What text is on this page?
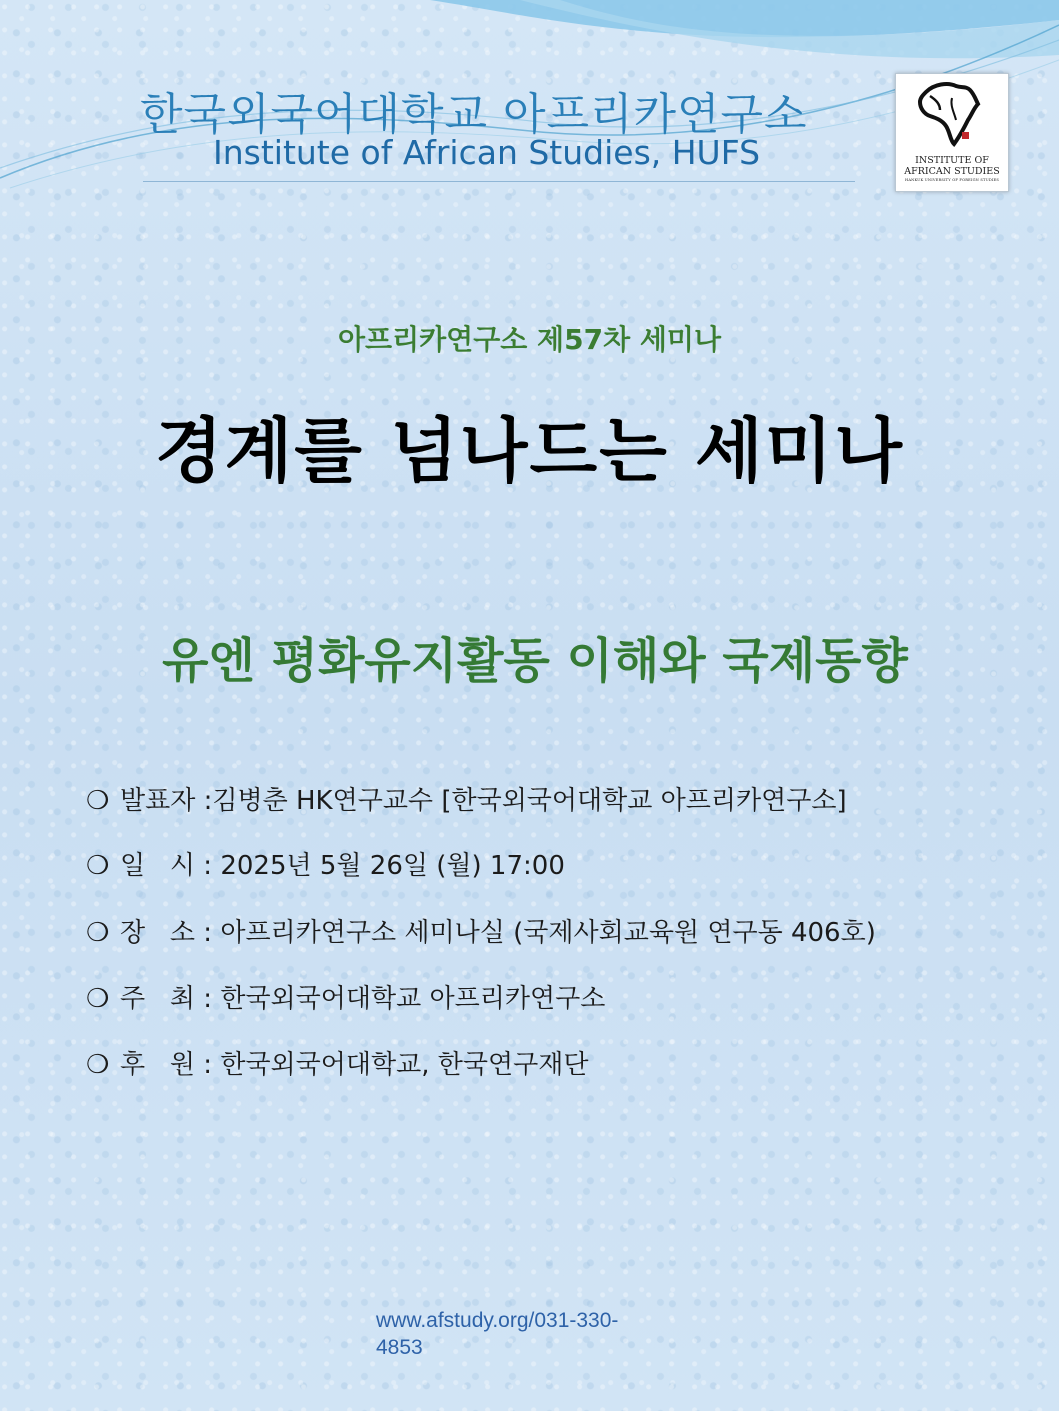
한국외국어대학교 아프리카연구소
Institute of African Studies, HUFS	INSTITUTE OF
AFRICAN STUDIES
HANKUK UNIVERSITY OF FOREIGN STUDIES
아프리카연구소 제57차 세미나
경계를 넘나드는 세미나
유엔 평화유지활동 이해와 국제동향
❍ 발표자 :김병춘 HK연구교수 [한국외국어대학교 아프리카연구소]
❍ 일   시 : 2025년 5월 26일 (월) 17:00
❍ 장   소 : 아프리카연구소 세미나실 (국제사회교육원 연구동 406호)
❍ 주   최 : 한국외국어대학교 아프리카연구소
❍ 후   원 : 한국외국어대학교, 한국연구재단
www.afstudy.org/031-330-
4853
